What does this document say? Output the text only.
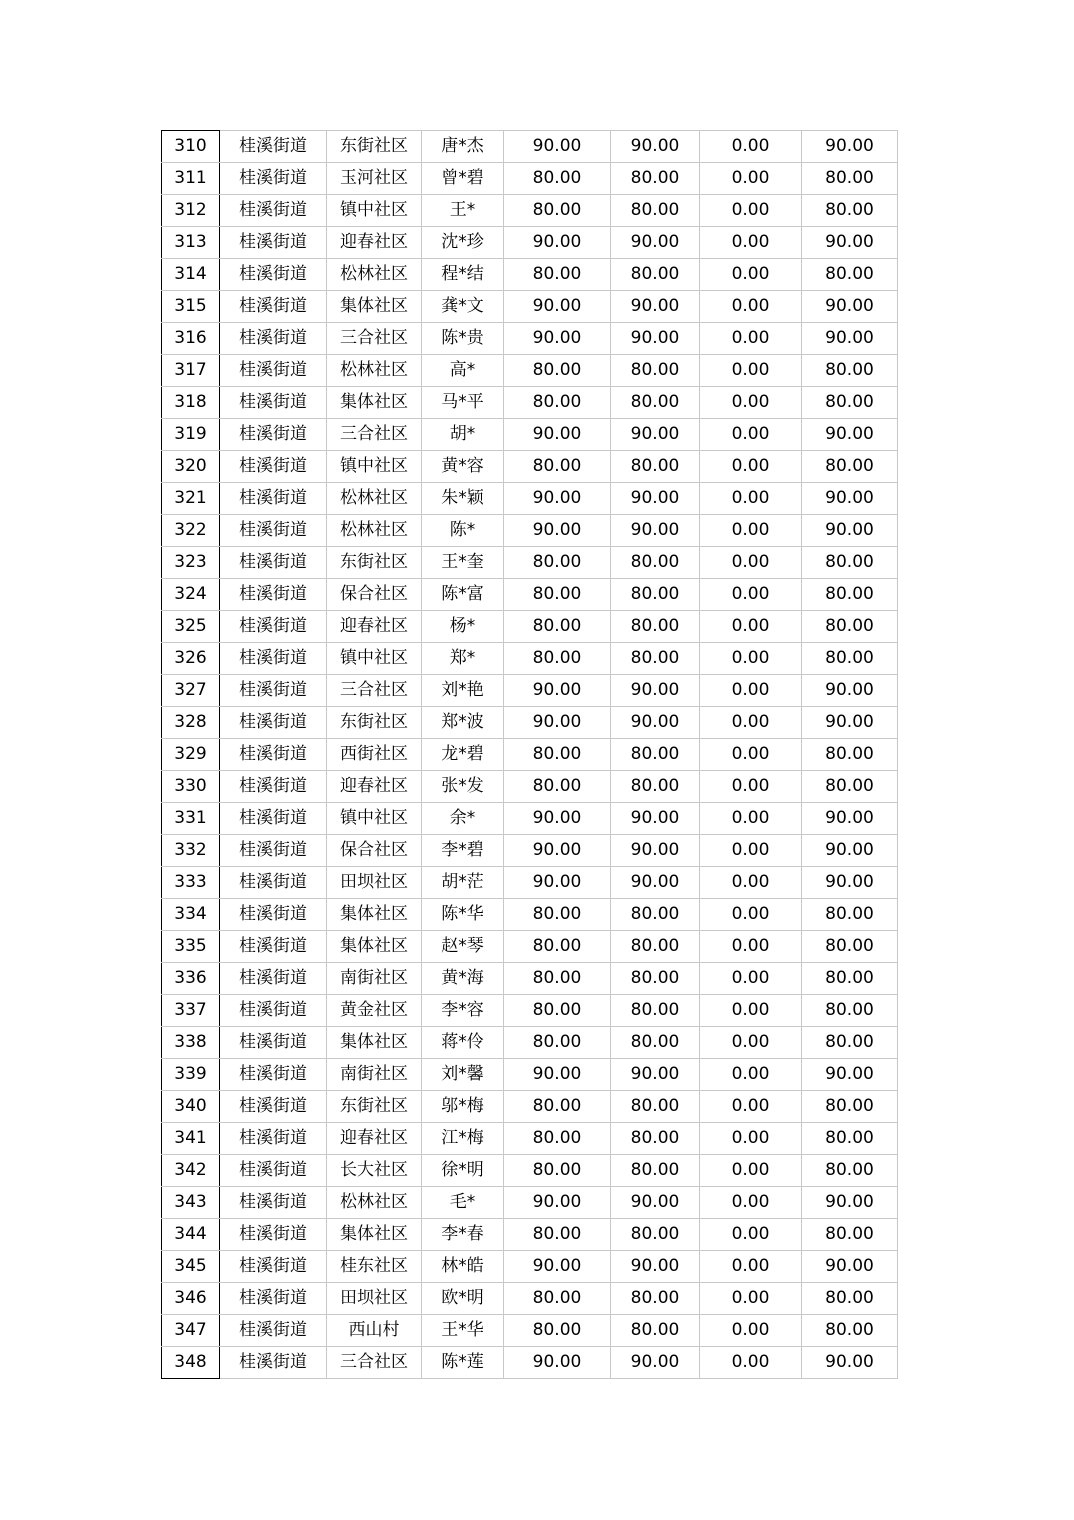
310	桂溪街道	东街社区	唐*杰	90.00	90.00	0.00	90.00
311	桂溪街道	玉河社区	曾*碧	80.00	80.00	0.00	80.00
312	桂溪街道	镇中社区	王*	80.00	80.00	0.00	80.00
313	桂溪街道	迎春社区	沈*珍	90.00	90.00	0.00	90.00
314	桂溪街道	松林社区	程*结	80.00	80.00	0.00	80.00
315	桂溪街道	集体社区	龚*文	90.00	90.00	0.00	90.00
316	桂溪街道	三合社区	陈*贵	90.00	90.00	0.00	90.00
317	桂溪街道	松林社区	高*	80.00	80.00	0.00	80.00
318	桂溪街道	集体社区	马*平	80.00	80.00	0.00	80.00
319	桂溪街道	三合社区	胡*	90.00	90.00	0.00	90.00
320	桂溪街道	镇中社区	黄*容	80.00	80.00	0.00	80.00
321	桂溪街道	松林社区	朱*颖	90.00	90.00	0.00	90.00
322	桂溪街道	松林社区	陈*	90.00	90.00	0.00	90.00
323	桂溪街道	东街社区	王*奎	80.00	80.00	0.00	80.00
324	桂溪街道	保合社区	陈*富	80.00	80.00	0.00	80.00
325	桂溪街道	迎春社区	杨*	80.00	80.00	0.00	80.00
326	桂溪街道	镇中社区	郑*	80.00	80.00	0.00	80.00
327	桂溪街道	三合社区	刘*艳	90.00	90.00	0.00	90.00
328	桂溪街道	东街社区	郑*波	90.00	90.00	0.00	90.00
329	桂溪街道	西街社区	龙*碧	80.00	80.00	0.00	80.00
330	桂溪街道	迎春社区	张*发	80.00	80.00	0.00	80.00
331	桂溪街道	镇中社区	余*	90.00	90.00	0.00	90.00
332	桂溪街道	保合社区	李*碧	90.00	90.00	0.00	90.00
333	桂溪街道	田坝社区	胡*茫	90.00	90.00	0.00	90.00
334	桂溪街道	集体社区	陈*华	80.00	80.00	0.00	80.00
335	桂溪街道	集体社区	赵*琴	80.00	80.00	0.00	80.00
336	桂溪街道	南街社区	黄*海	80.00	80.00	0.00	80.00
337	桂溪街道	黄金社区	李*容	80.00	80.00	0.00	80.00
338	桂溪街道	集体社区	蒋*伶	80.00	80.00	0.00	80.00
339	桂溪街道	南街社区	刘*馨	90.00	90.00	0.00	90.00
340	桂溪街道	东街社区	邬*梅	80.00	80.00	0.00	80.00
341	桂溪街道	迎春社区	江*梅	80.00	80.00	0.00	80.00
342	桂溪街道	长大社区	徐*明	80.00	80.00	0.00	80.00
343	桂溪街道	松林社区	毛*	90.00	90.00	0.00	90.00
344	桂溪街道	集体社区	李*春	80.00	80.00	0.00	80.00
345	桂溪街道	桂东社区	林*皓	90.00	90.00	0.00	90.00
346	桂溪街道	田坝社区	欧*明	80.00	80.00	0.00	80.00
347	桂溪街道	西山村	王*华	80.00	80.00	0.00	80.00
348	桂溪街道	三合社区	陈*莲	90.00	90.00	0.00	90.00
